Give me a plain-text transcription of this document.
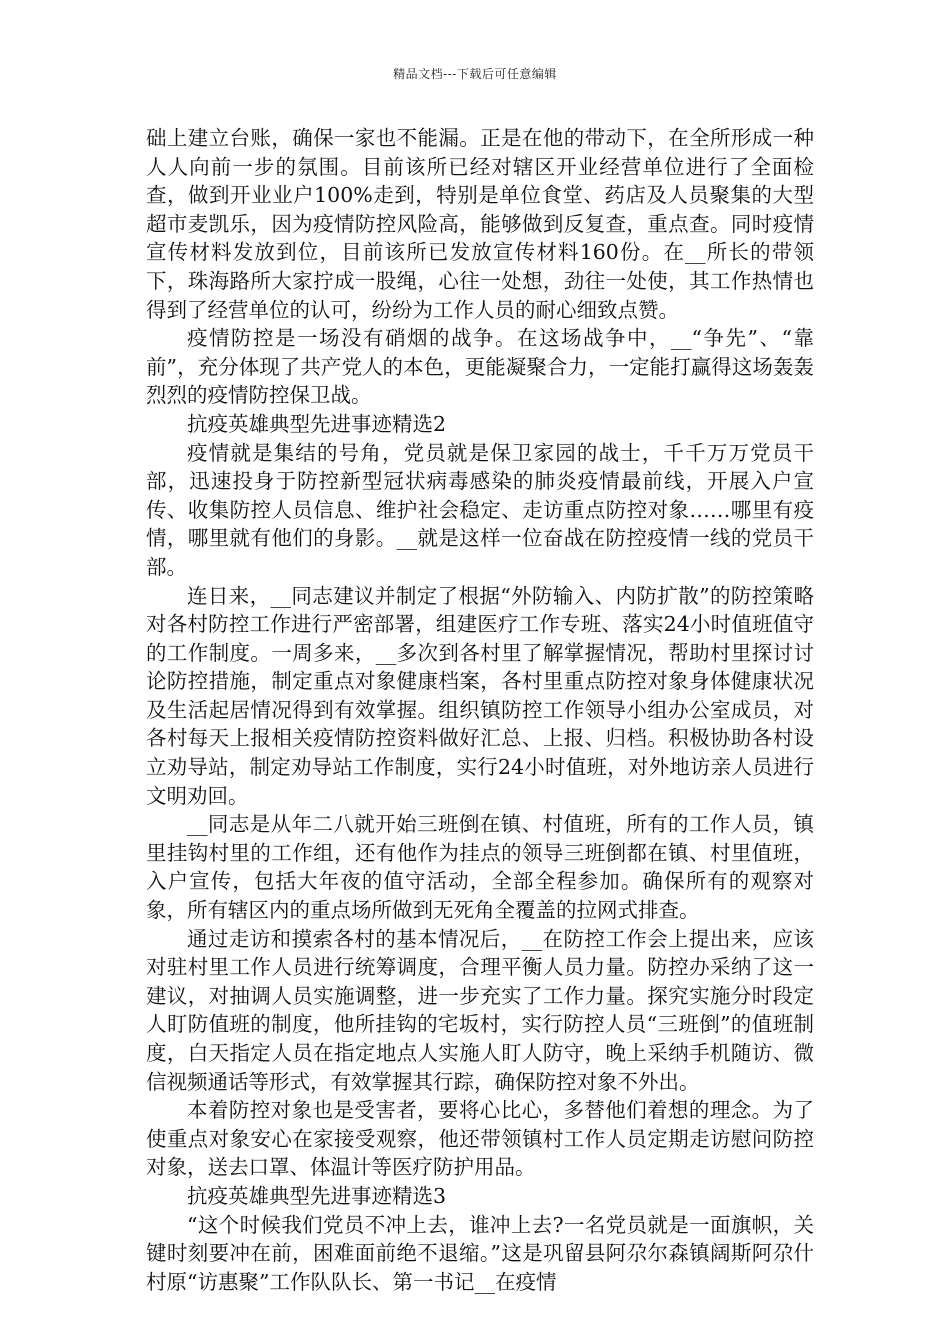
精品文档---下载后可任意编辑

础上建立台账，确保一家也不能漏。正是在他的带动下，在全所形成一种人人向前一步的氛围。目前该所已经对辖区开业经营单位进行了全面检查，做到开业业户100%走到，特别是单位食堂、药店及人员聚集的大型超市麦凯乐，因为疫情防控风险高，能够做到反复查，重点查。同时疫情宣传材料发放到位，目前该所已发放宣传材料160份。在__所长的带领下，珠海路所大家拧成一股绳，心往一处想，劲往一处使，其工作热情也得到了经营单位的认可，纷纷为工作人员的耐心细致点赞。

疫情防控是一场没有硝烟的战争。在这场战争中，__“争先”、“靠前”，充分体现了共产党人的本色，更能凝聚合力，一定能打赢得这场轰轰烈烈的疫情防控保卫战。

抗疫英雄典型先进事迹精选2

疫情就是集结的号角，党员就是保卫家园的战士，千千万万党员干部，迅速投身于防控新型冠状病毒感染的肺炎疫情最前线，开展入户宣传、收集防控人员信息、维护社会稳定、走访重点防控对象……哪里有疫情，哪里就有他们的身影。__就是这样一位奋战在防控疫情一线的党员干部。

连日来，__同志建议并制定了根据“外防输入、内防扩散”的防控策略对各村防控工作进行严密部署，组建医疗工作专班、落实24小时值班值守的工作制度。一周多来，__多次到各村里了解掌握情况，帮助村里探讨讨论防控措施，制定重点对象健康档案，各村里重点防控对象身体健康状况及生活起居情况得到有效掌握。组织镇防控工作领导小组办公室成员，对各村每天上报相关疫情防控资料做好汇总、上报、归档。积极协助各村设立劝导站，制定劝导站工作制度，实行24小时值班，对外地访亲人员进行文明劝回。

__同志是从年二八就开始三班倒在镇、村值班，所有的工作人员，镇里挂钩村里的工作组，还有他作为挂点的领导三班倒都在镇、村里值班，入户宣传，包括大年夜的值守活动，全部全程参加。确保所有的观察对象，所有辖区内的重点场所做到无死角全覆盖的拉网式排查。

通过走访和摸索各村的基本情况后，__在防控工作会上提出来，应该对驻村里工作人员进行统筹调度，合理平衡人员力量。防控办采纳了这一建议，对抽调人员实施调整，进一步充实了工作力量。探究实施分时段定人盯防值班的制度，他所挂钩的宅坂村，实行防控人员“三班倒”的值班制度，白天指定人员在指定地点人实施人盯人防守，晚上采纳手机随访、微信视频通话等形式，有效掌握其行踪，确保防控对象不外出。

本着防控对象也是受害者，要将心比心，多替他们着想的理念。为了使重点对象安心在家接受观察，他还带领镇村工作人员定期走访慰问防控对象，送去口罩、体温计等医疗防护用品。

抗疫英雄典型先进事迹精选3

“这个时候我们党员不冲上去，谁冲上去?一名党员就是一面旗帜，关键时刻要冲在前，困难面前绝不退缩。”这是巩留县阿尕尔森镇阔斯阿尕什村原“访惠聚”工作队队长、第一书记__在疫情
